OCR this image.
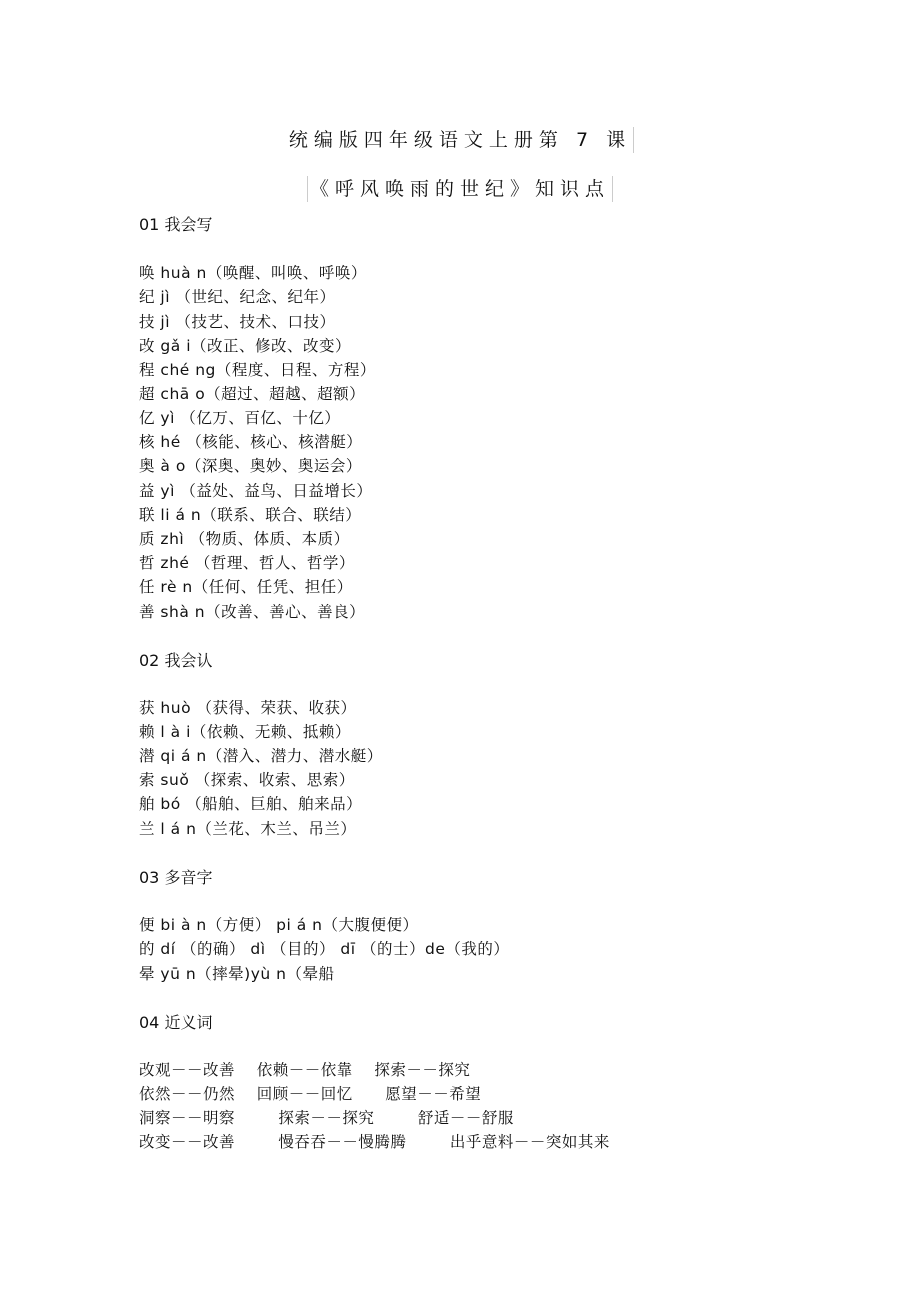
统编版四年级语文上册第 7 课
《呼风唤雨的世纪》知识点
01 我会写
唤 huà n（唤醒、叫唤、呼唤）
纪 jì （世纪、纪念、纪年）
技 jì （技艺、技术、口技）
改 gǎ i（改正、修改、改变）
程 ché ng（程度、日程、方程）
超 chā o（超过、超越、超额）
亿 yì （亿万、百亿、十亿）
核 hé （核能、核心、核潜艇）
奥 à o（深奥、奥妙、奥运会）
益 yì （益处、益鸟、日益增长）
联 li á n（联系、联合、联结）
质 zhì （物质、体质、本质）
哲 zhé （哲理、哲人、哲学）
任 rè n（任何、任凭、担任）
善 shà n（改善、善心、善良）
02 我会认
获 huò （获得、荣获、收获）
赖 l à i（依赖、无赖、抵赖）
潜 qi á n（潜入、潜力、潜水艇）
索 suǒ （探索、收索、思索）
舶 bó （船舶、巨舶、舶来品）
兰 l á n（兰花、木兰、吊兰）
03 多音字
便 bi à n（方便） pi á n（大腹便便）
的 dí （的确） dì （目的） dī （的士）de（我的）
晕 yū n（摔晕)yù n（晕船
04 近义词
改观－－改善    依赖－－依靠    探索－－探究
依然－－仍然    回顾－－回忆      愿望－－希望
洞察－－明察        探索－－探究        舒适－－舒服
改变－－改善        慢吞吞－－慢腾腾        出乎意料－－突如其来
